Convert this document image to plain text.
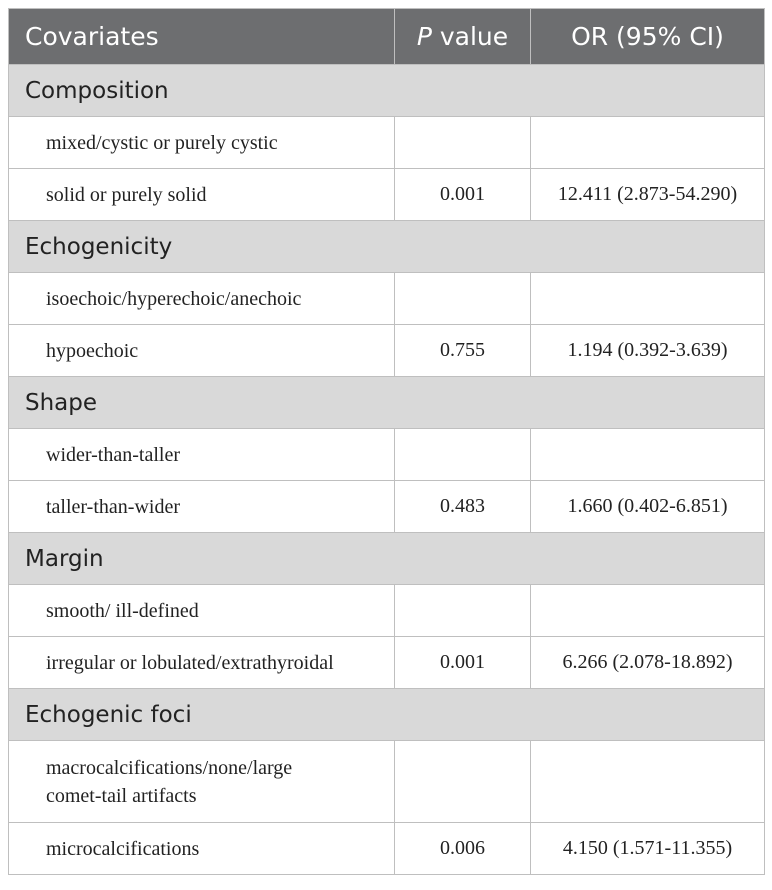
Covariates	P value	OR (95% CI)
Composition		
mixed/cystic or purely cystic		
solid or purely solid	0.001	12.411 (2.873-54.290)
Echogenicity		
isoechoic/hyperechoic/anechoic		
hypoechoic	0.755	1.194 (0.392-3.639)
Shape		
wider-than-taller		
taller-than-wider	0.483	1.660 (0.402-6.851)
Margin		
smooth/ ill-defined		
irregular or lobulated/extrathyroidal	0.001	6.266 (2.078-18.892)
Echogenic foci		
macrocalcifications/none/large
comet-tail artifacts		
microcalcifications	0.006	4.150 (1.571-11.355)
